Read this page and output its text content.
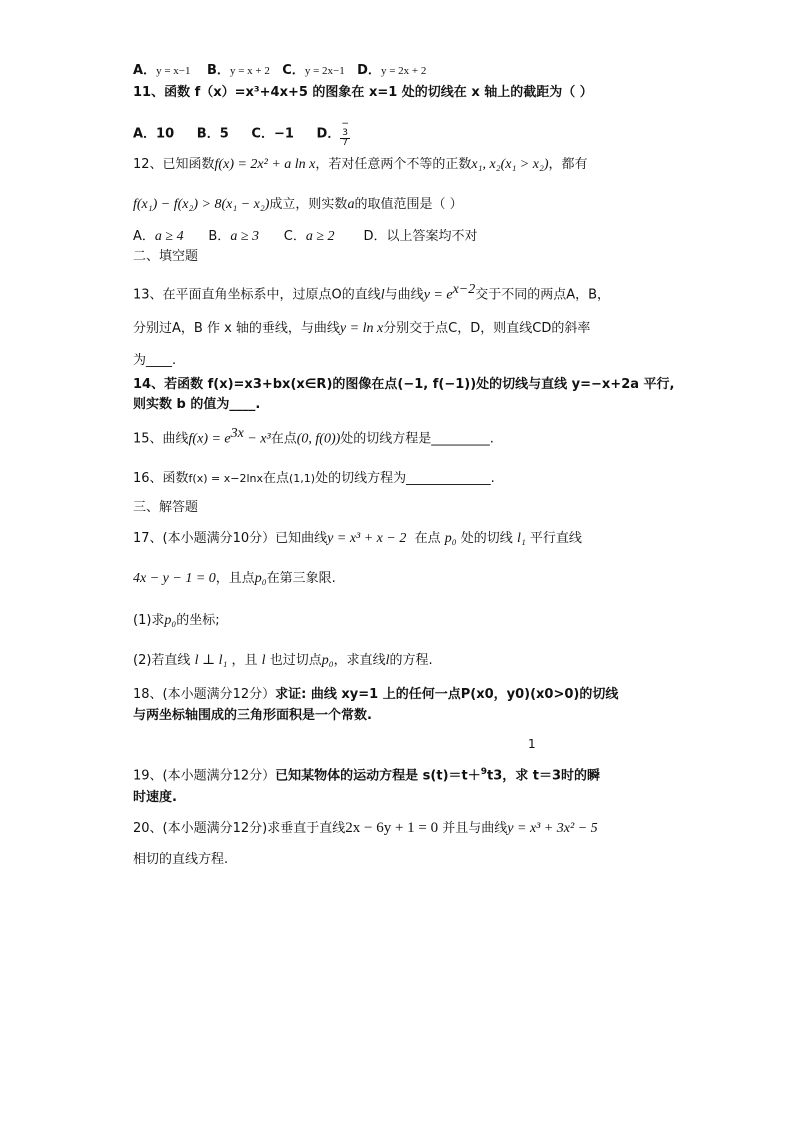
A．y = x−1 B．y = x + 2 C．y = 2x−1 D．y = 2x + 2
11、函数 f（x）=x³+4x+5 的图象在 x=1 处的切线在 x 轴上的截距为（ ）
A．10 B．5 C．−1 D． −
3
7
12、已知函数f(x) = 2x² + a ln x，若对任意两个不等的正数x₁, x₂(x₁ > x₂)，都有
f(x₁) − f(x₂) > 8(x₁ − x₂)成立，则实数a的取值范围是（ ）
A．a ≥ 4 B．a ≥ 3 C．a ≥ 2 D．以上答案均不对
二、填空题
13、在平面直角坐标系中，过原点O的直线l与曲线$y = e^{x-2}$交于不同的两点A，B，
分别过A，B 作 x 轴的垂线，与曲线y = ln x分别交于点C，D，则直线CD的斜率
为____.
14、若函数 f(x)=x3+bx(x∈R)的图像在点(−1, f(−1))处的切线与直线 y=−x+2a 平行,
则实数 b 的值为____.
15、曲线$f(x) = e^{3x} - x^3$在点(0, f(0))处的切线方程是_________.
16、函数f(x) = x−2lnx在点(1,1)处的切线方程为_____________.
三、解答题
17、(本小题满分10分）已知曲线y = x³ + x − 2 在点 p₀ 处的切线 l₁ 平行直线
4x − y − 1 = 0，且点p₀在第三象限.
(1)求p₀的坐标;
(2)若直线 l ⊥ l₁ ，且 l 也过切点p₀，求直线l的方程.
18、(本小题满分12分）求证: 曲线 xy=1 上的任何一点P(x0，y0)(x0>0)的切线
与两坐标轴围成的三角形面积是一个常数.
1
19、(本小题满分12分）已知某物体的运动方程是 s(t)＝t＋$^9$t3，求 t＝3时的瞬
时速度.
20、(本小题满分12分)求垂直于直线2x − 6y + 1 = 0 并且与曲线y = x³ + 3x² − 5
相切的直线方程.
